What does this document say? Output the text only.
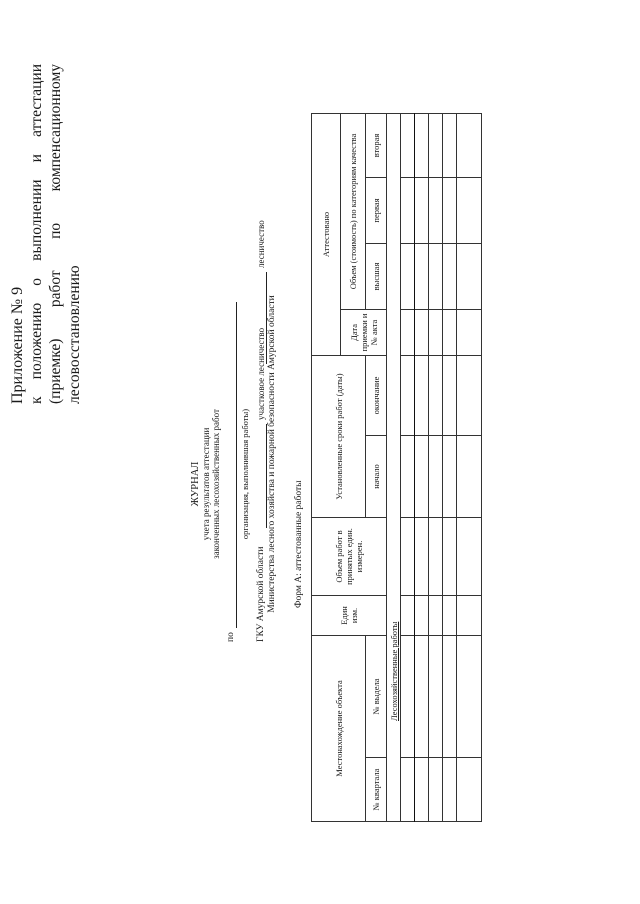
Приложение № 9 к положению о выполнении и аттестации (приемке) работ по компенсационному лесовосстановлению
ЖУРНАЛ учета результатов аттестации законченных лесохозяйственных работ
по
организация, выполнившая работы)
ГКУ Амурской области
участковое лесничество
лесничество
Министерства лесного хозяйства и пожарной безопасности Амурской области Форм А: аттестованные работы
Местонахождение объекта		Един изм.	Объем работ в принятых един. измерен.	Установленные сроки работ (даты)		Аттестовано			
						Дата приемки и № акта	Объем (стоимость) по категориям качества		
№ квартала	№ выдела			начало	окончание		высшая	первая	вторая
Лесохозяйственные работы									
